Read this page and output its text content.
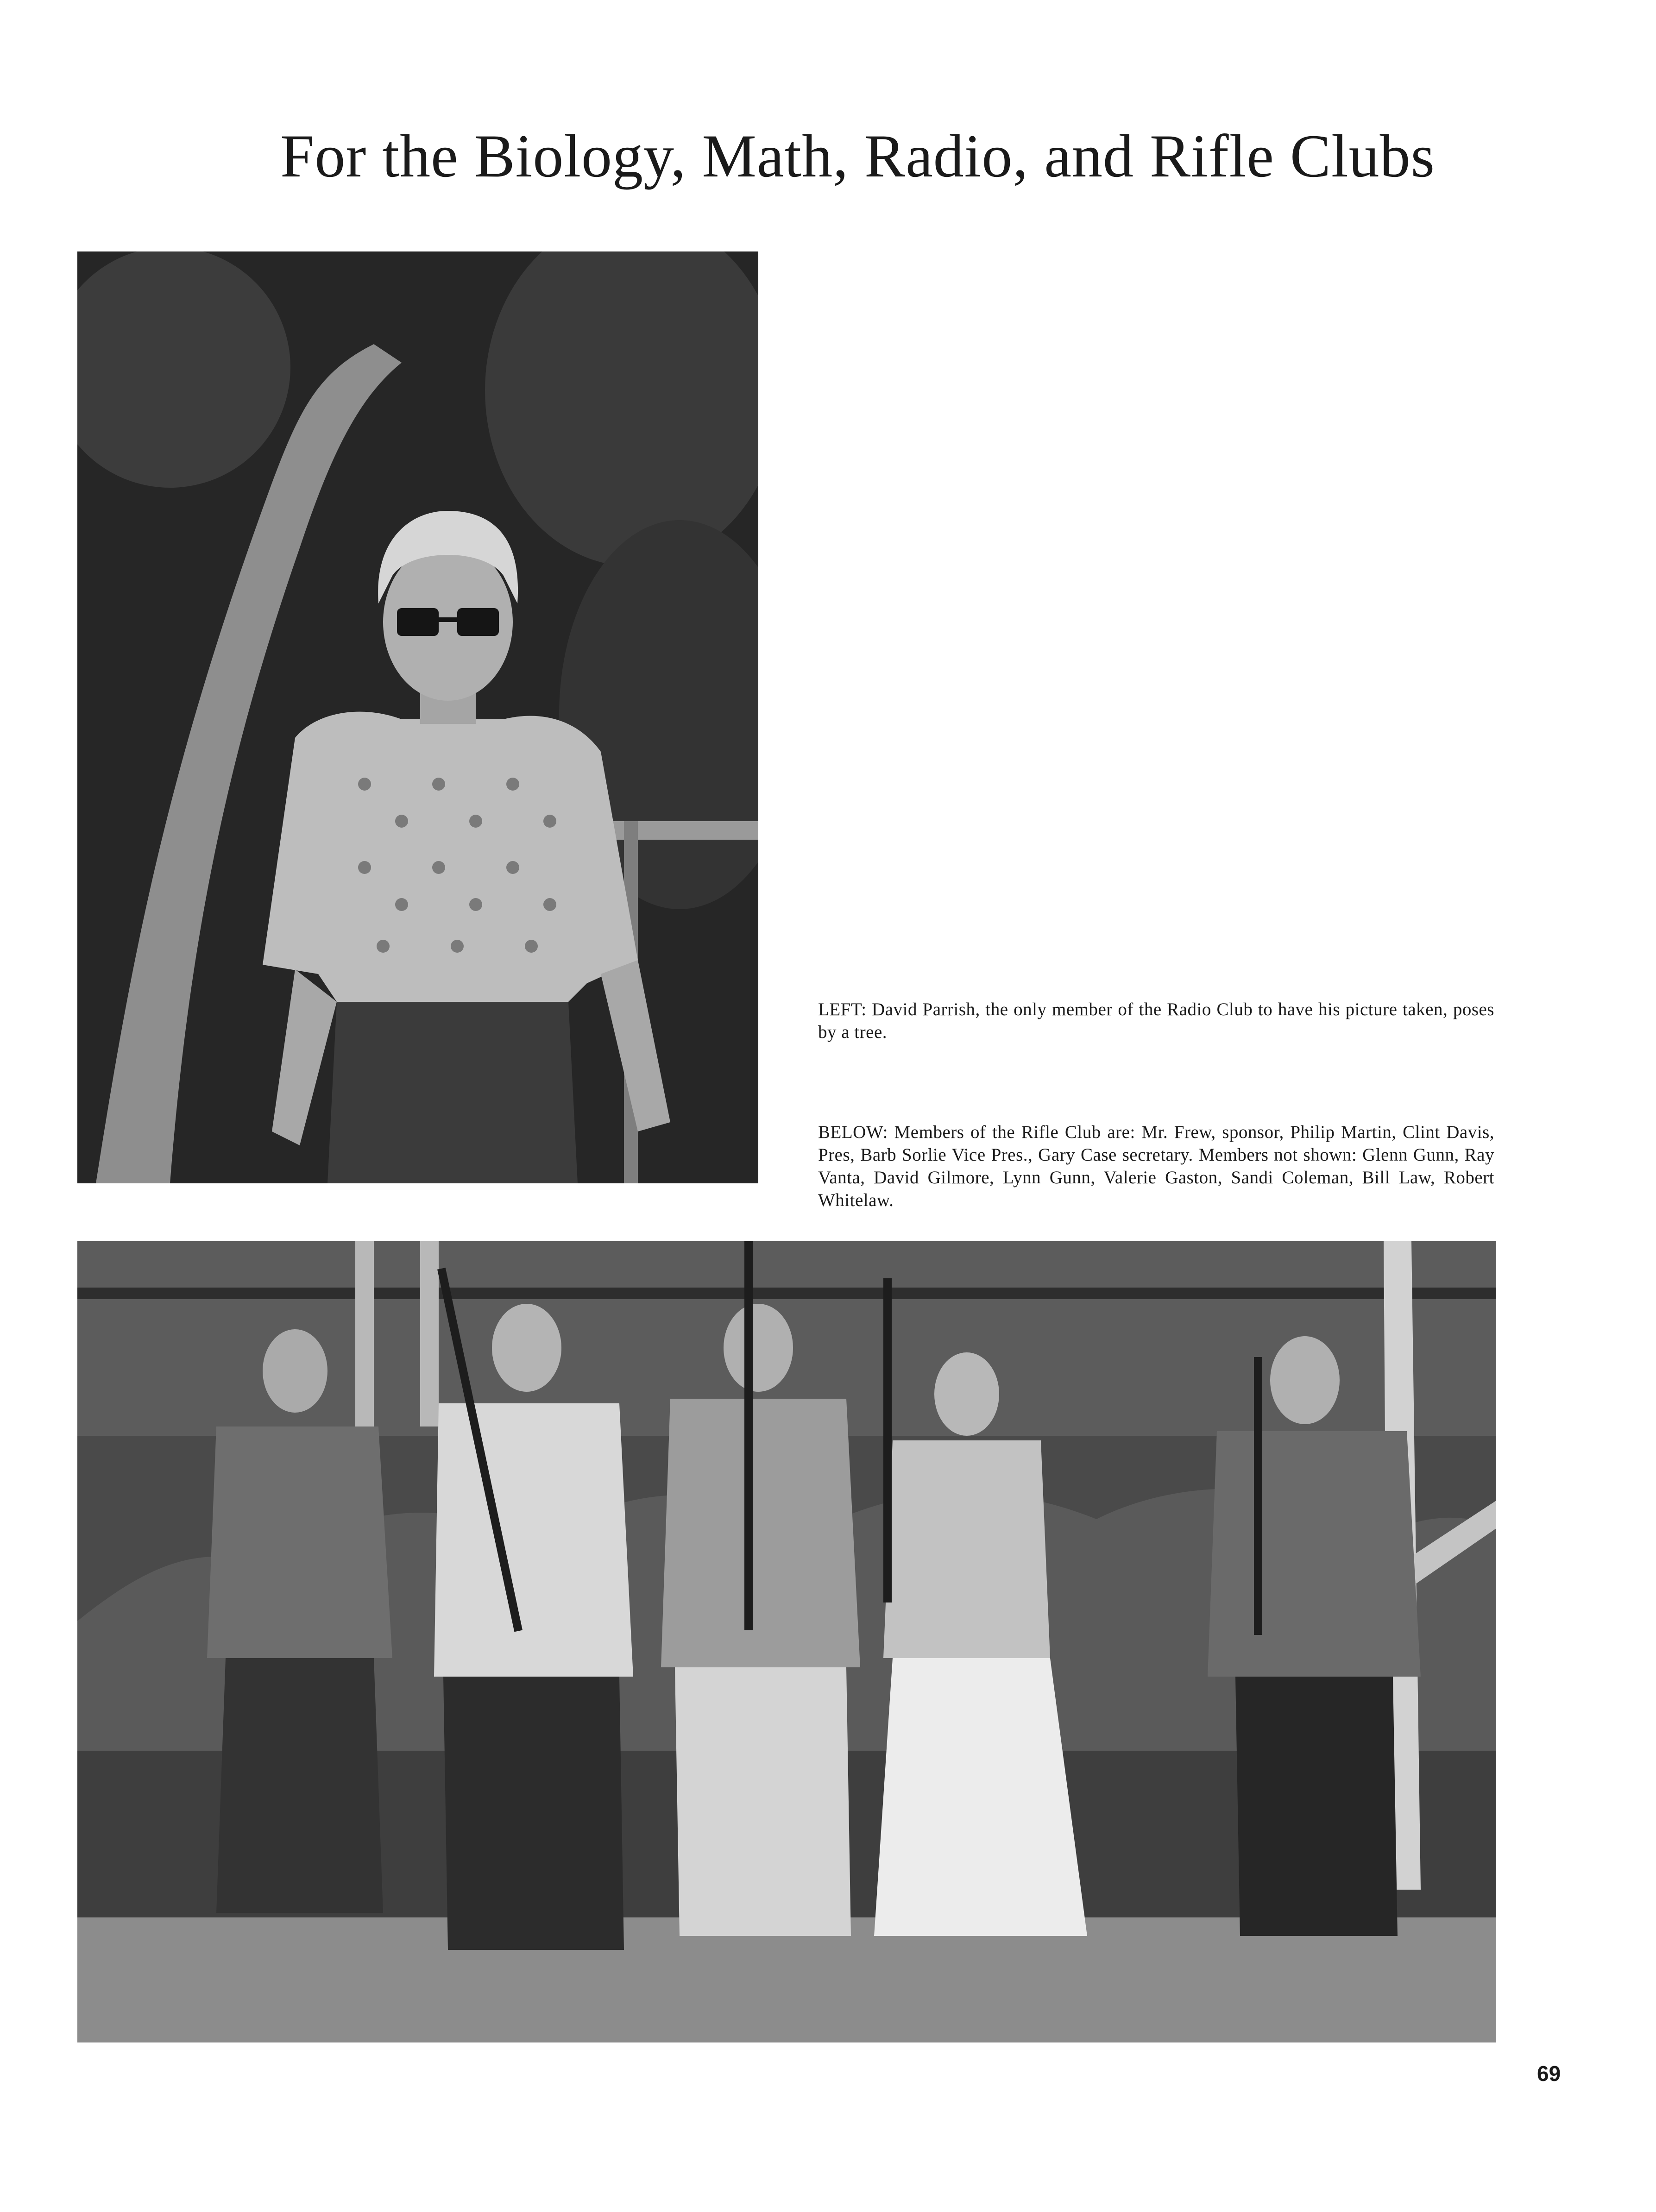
For the Biology, Math, Radio, and Rifle Clubs

LEFT: David Parrish, the only member of the Radio Club to have his picture taken, poses by a tree.

BELOW: Members of the Rifle Club are: Mr. Frew, sponsor, Philip Martin, Clint Davis, Pres, Barb Sorlie Vice Pres., Gary Case secretary. Members not shown: Glenn Gunn, Ray Vanta, David Gilmore, Lynn Gunn, Valerie Gaston, Sandi Coleman, Bill Law, Robert Whitelaw.

69
